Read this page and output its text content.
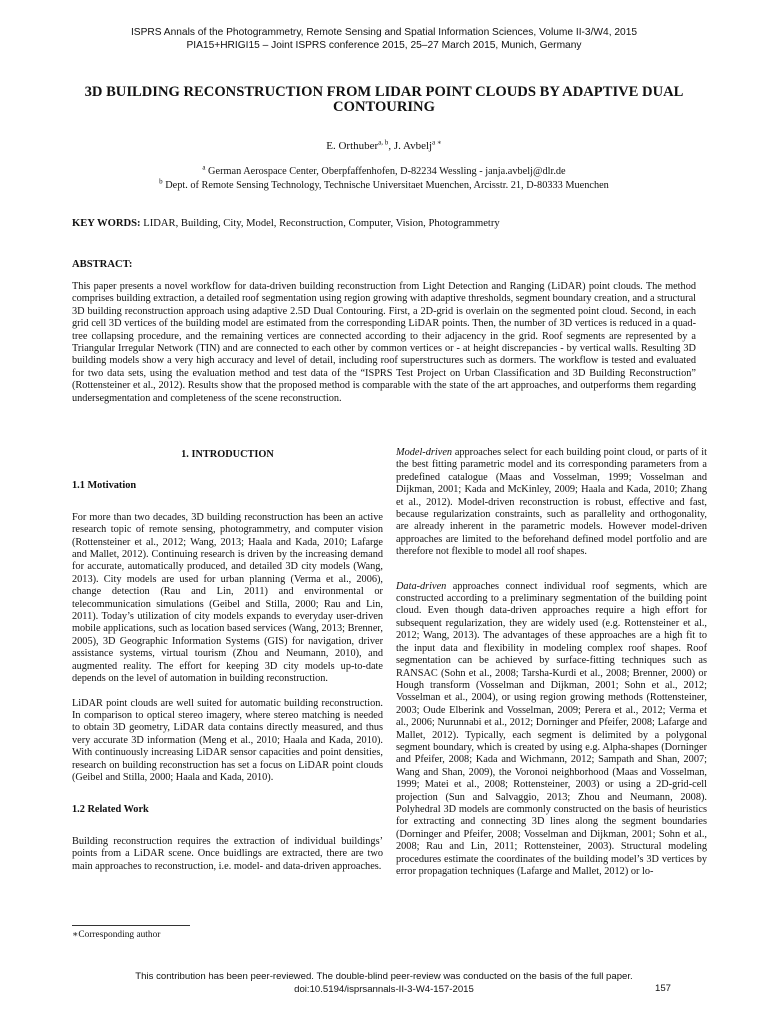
ISPRS Annals of the Photogrammetry, Remote Sensing and Spatial Information Sciences, Volume II-3/W4, 2015
PIA15+HRIGI15 – Joint ISPRS conference 2015, 25–27 March 2015, Munich, Germany
3D BUILDING RECONSTRUCTION FROM LIDAR POINT CLOUDS BY ADAPTIVE DUAL CONTOURING
E. Orthuber$^{a, b}$, J. Avbelj$^{a ∗}$
$^a$ German Aerospace Center, Oberpfaffenhofen, D-82234 Wessling - janja.avbelj@dlr.de
$^b$ Dept. of Remote Sensing Technology, Technische Universitaet Muenchen, Arcisstr. 21, D-80333 Muenchen
KEY WORDS: LIDAR, Building, City, Model, Reconstruction, Computer, Vision, Photogrammetry
ABSTRACT:
This paper presents a novel workflow for data-driven building reconstruction from Light Detection and Ranging (LiDAR) point clouds. The method comprises building extraction, a detailed roof segmentation using region growing with adaptive thresholds, segment boundary creation, and a structural 3D building reconstruction approach using adaptive 2.5D Dual Contouring. First, a 2D-grid is overlain on the segmented point cloud. Second, in each grid cell 3D vertices of the building model are estimated from the corresponding LiDAR points. Then, the number of 3D vertices is reduced in a quad-tree collapsing procedure, and the remaining vertices are connected according to their adjacency in the grid. Roof segments are represented by a Triangular Irregular Network (TIN) and are connected to each other by common vertices or - at height discrepancies - by vertical walls. Resulting 3D building models show a very high accuracy and level of detail, including roof superstructures such as dormers. The workflow is tested and evaluated for two data sets, using the evaluation method and test data of the “ISPRS Test Project on Urban Classification and 3D Building Reconstruction” (Rottensteiner et al., 2012). Results show that the proposed method is comparable with the state of the art approaches, and outperforms them regarding undersegmentation and completeness of the scene reconstruction.
1. INTRODUCTION
1.1 Motivation

For more than two decades, 3D building reconstruction has been an active research topic of remote sensing, photogrammetry, and computer vision (Rottensteiner et al., 2012; Wang, 2013; Haala and Kada, 2010; Lafarge and Mallet, 2012). Continuing research is driven by the increasing demand for accurate, automatically produced, and detailed 3D city models (Wang, 2013). City models are used for urban planning (Verma et al., 2006), change detection (Rau and Lin, 2011) and environmental or telecommunication simulations (Geibel and Stilla, 2000; Rau and Lin, 2011). Today’s utilization of city models expands to everyday user-driven mobile applications, such as location based services (Wang, 2013; Brenner, 2005), 3D Geographic Information Systems (GIS) for navigation, driver assistance systems, virtual tourism (Zhou and Neumann, 2010), and augmented reality. The effort for keeping 3D city models up-to-date depends on the level of automation in building reconstruction.

LiDAR point clouds are well suited for automatic building reconstruction. In comparison to optical stereo imagery, where stereo matching is needed to obtain 3D geometry, LiDAR data contains directly measured, and thus very accurate 3D information (Meng et al., 2010; Haala and Kada, 2010). With continuously increasing LiDAR sensor capacities and point densities, research on building reconstruction has set a focus on LiDAR point clouds (Geibel and Stilla, 2000; Haala and Kada, 2010).

1.2 Related Work

Building reconstruction requires the extraction of individual buildings’ points from a LiDAR scene. Once buidlings are extracted, there are two main approaches to reconstruction, i.e. model- and data-driven approaches.

Model-driven approaches select for each building point cloud, or parts of it the best fitting parametric model and its corresponding parameters from a predefined catalogue (Maas and Vosselman, 1999; Vosselman and Dijkman, 2001; Kada and McKinley, 2009; Haala and Kada, 2010; Zhang et al., 2012). Model-driven reconstruction is robust, effective and fast, because regularization constraints, such as parallelity and orthogonality, are already inherent in the parametric models. However model-driven approaches are limited to the beforehand defined model portfolio and are therefore not flexible to model all roof shapes.

Data-driven approaches connect individual roof segments, which are constructed according to a preliminary segmentation of the building point cloud. Even though data-driven approaches require a high effort for subsequent regularization, they are widely used (e.g. Rottensteiner et al., 2012; Wang, 2013). The advantages of these approaches are a high fit to the input data and flexibility in modeling complex roof shapes. Roof segmentation can be achieved by surface-fitting techniques such as RANSAC (Sohn et al., 2008; Tarsha-Kurdi et al., 2008; Brenner, 2000) or Hough transform (Vosselman and Dijkman, 2001; Sohn et al., 2012; Vosselman et al., 2004), or using region growing methods (Rottensteiner, 2003; Oude Elberink and Vosselman, 2009; Perera et al., 2012; Verma et al., 2006; Nurunnabi et al., 2012; Dorninger and Pfeifer, 2008; Lafarge and Mallet, 2012). Typically, each segment is delimited by a polygonal segment boundary, which is created by using e.g. Alpha-shapes (Dorninger and Pfeifer, 2008; Kada and Wichmann, 2012; Sampath and Shan, 2007; Wang and Shan, 2009), the Voronoi neighborhood (Maas and Vosselman, 1999; Matei et al., 2008; Rottensteiner, 2003) or using a 2D-grid-cell projection (Sun and Salvaggio, 2013; Zhou and Neumann, 2008). Polyhedral 3D models are commonly constructed on the basis of heuristics for extracting and connecting 3D lines along the segment boundaries (Dorninger and Pfeifer, 2008; Vosselman and Dijkman, 2001; Sohn et al., 2008; Rau and Lin, 2011; Rottensteiner, 2003). Structural modeling procedures estimate the coordinates of the building model’s 3D vertices by error propagation techniques (Lafarge and Mallet, 2012) or lo-

∗Corresponding author
This contribution has been peer-reviewed. The double-blind peer-review was conducted on the basis of the full paper.
doi:10.5194/isprsannals-II-3-W4-157-2015	157
